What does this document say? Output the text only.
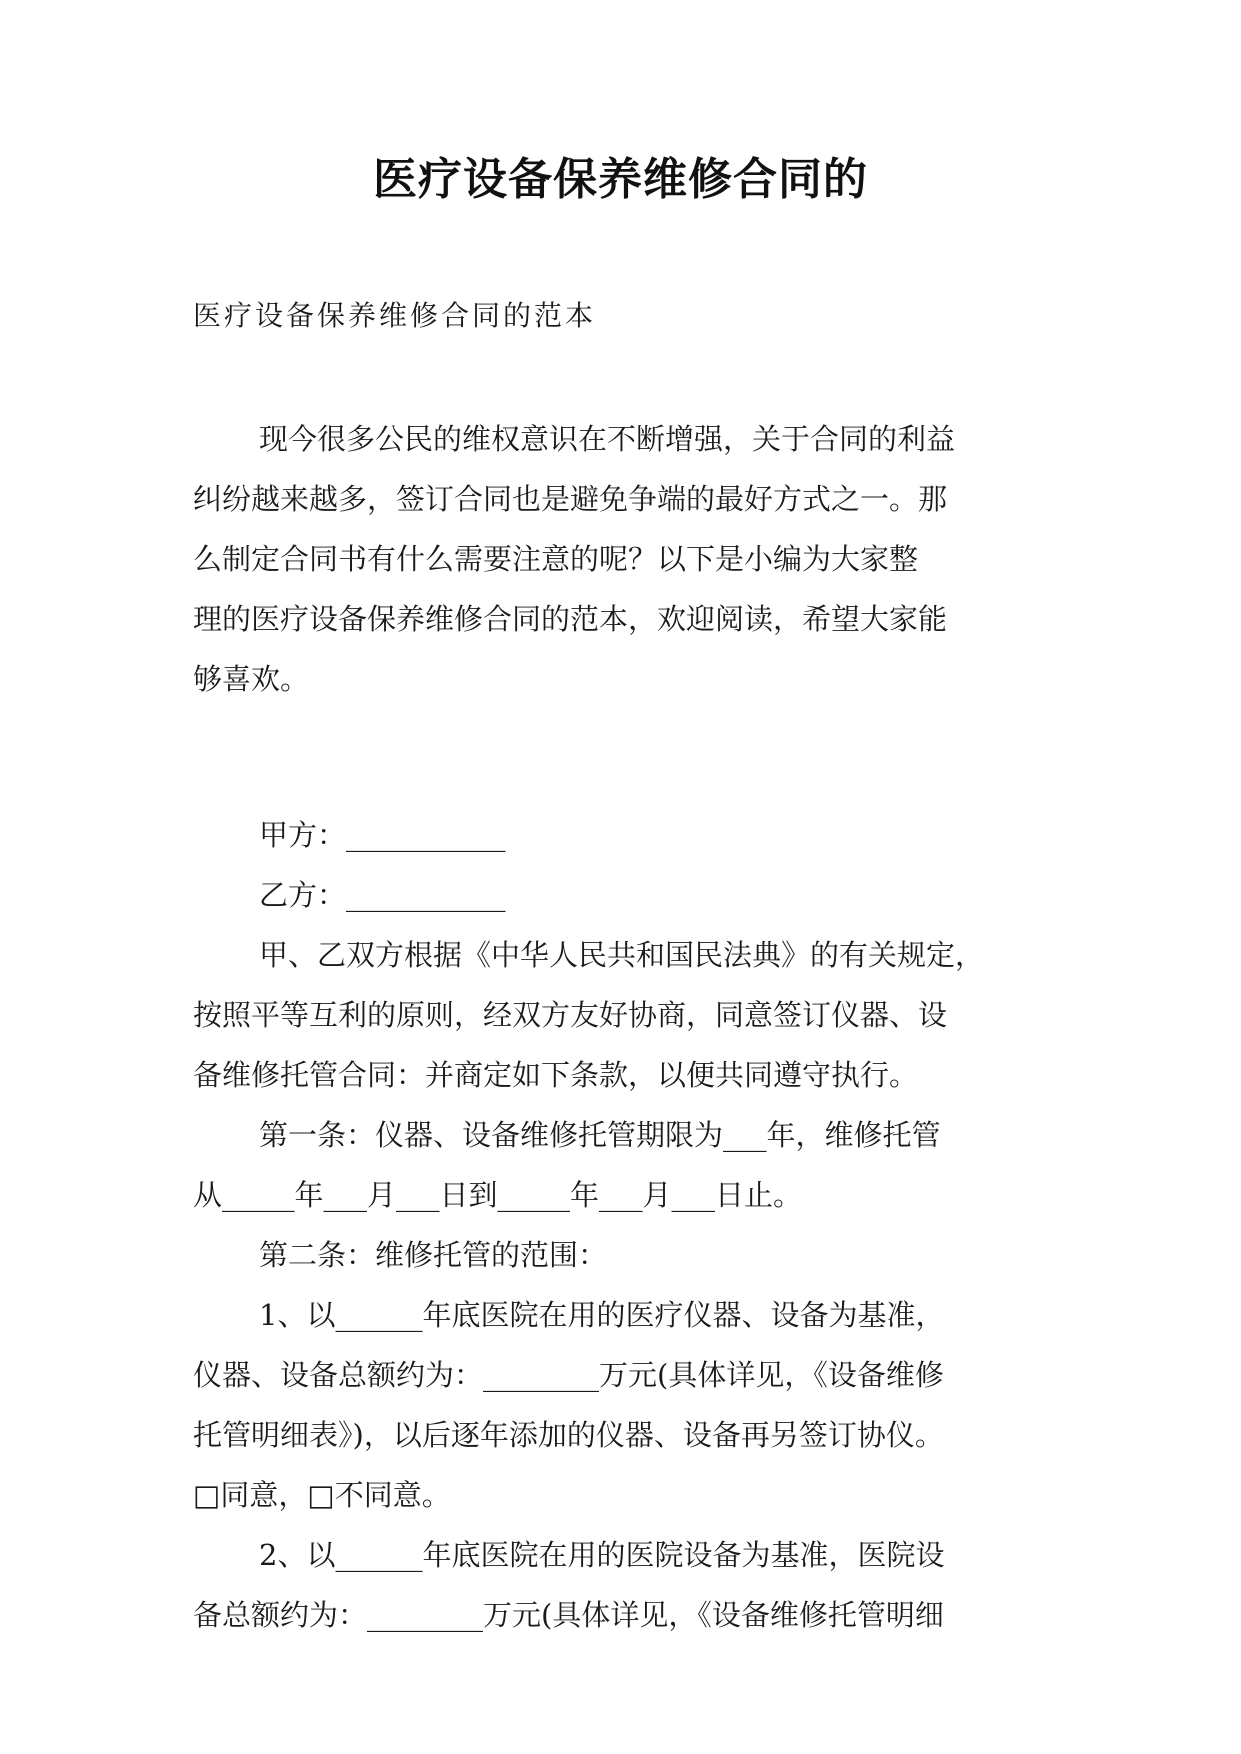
医疗设备保养维修合同的
医疗设备保养维修合同的范本
现今很多公民的维权意识在不断增强，关于合同的利益
纠纷越来越多，签订合同也是避免争端的最好方式之一。那
么制定合同书有什么需要注意的呢？以下是小编为大家整
理的医疗设备保养维修合同的范本，欢迎阅读，希望大家能
够喜欢。
甲方：___________
乙方：___________
甲、乙双方根据《中华人民共和国民法典》的有关规定，
按照平等互利的原则，经双方友好协商，同意签订仪器、设
备维修托管合同：并商定如下条款，以便共同遵守执行。
第一条：仪器、设备维修托管期限为___年，维修托管
从_____年___月___日到_____年___月___日止。
第二条：维修托管的范围：
1、以______年底医院在用的医疗仪器、设备为基准，
仪器、设备总额约为：________万元(具体详见，《设备维修
托管明细表》)，以后逐年添加的仪器、设备再另签订协仪。
□同意，□不同意。
2、以______年底医院在用的医院设备为基准，医院设
备总额约为：________万元(具体详见，《设备维修托管明细
